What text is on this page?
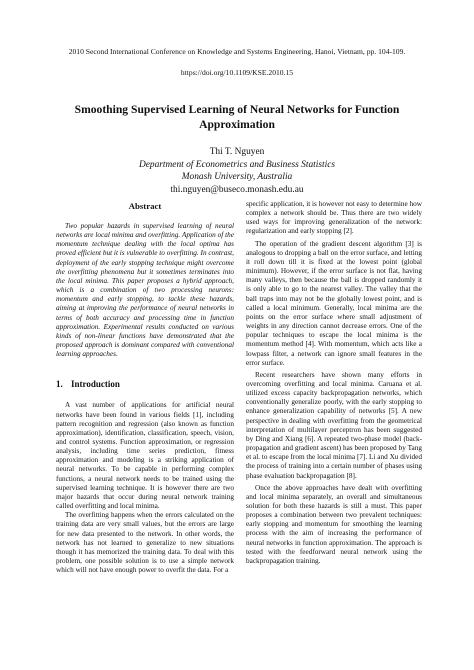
2010 Second International Conference on Knowledge and Systems Engineering, Hanoi, Vietnam, pp. 104-109.
https://doi.org/10.1109/KSE.2010.15
Smoothing Supervised Learning of Neural Networks for Function
Approximation
Thi T. Nguyen
Department of Econometrics and Business Statistics
Monash University, Australia
thi.nguyen@buseco.monash.edu.au
Abstract

Two popular hazards in supervised learning of neural networks are local minima and overfitting. Application of the momentum technique dealing with the local optima has proved efficient but it is vulnerable to overfitting. In contrast, deployment of the early stopping technique might overcome the overfitting phenomena but it sometimes terminates into the local minima. This paper proposes a hybrid approach, which is a combination of two processing neurons: momentum and early stopping, to tackle these hazards, aiming at improving the performance of neural networks in terms of both accuracy and processing time in function approximation. Experimental results conducted on various kinds of non-linear functions have demonstrated that the proposed approach is dominant compared with conventional learning approaches.

1. Introduction

A vast number of applications for artificial neural networks have been found in various fields [1], including pattern recognition and regression (also known as function approximation), identification, classification, speech, vision, and control systems. Function approximation, or regression analysis, including time series prediction, fitness approximation and modeling is a striking application of neural networks. To be capable in performing complex functions, a neural network needs to be trained using the supervised learning technique. It is however there are two major hazards that occur during neural network training called overfitting and local minima.

The overfitting happens when the errors calculated on the training data are very small values, but the errors are large for new data presented to the network. In other words, the network has not learned to generalize to new situations though it has memorized the training data. To deal with this problem, one possible solution is to use a simple network which will not have enough power to overfit the data. For a

specific application, it is however not easy to determine how complex a network should be. Thus there are two widely used ways for improving generalization of the network: regularization and early stopping [2].

The operation of the gradient descent algorithm [3] is analogous to dropping a ball on the error surface, and letting it roll down till it is fixed at the lowest point (global minimum). However, if the error surface is not flat, having many valleys, then because the ball is dropped randomly it is only able to go to the nearest valley. The valley that the ball traps into may not be the globally lowest point, and is called a local minimum. Generally, local minima are the points on the error surface where small adjustment of weights in any direction cannot decrease errors. One of the popular techniques to escape the local minima is the momentum method [4]. With momentum, which acts like a lowpass filter, a network can ignore small features in the error surface.

Recent researchers have shown many efforts in overcoming overfitting and local minima. Caruana et al. utilized excess capacity backpropagation networks, which conventionally generalize poorly, with the early stopping to enhance generalization capability of networks [5]. A new perspective in dealing with overfitting from the geometrical interpretation of multilayer perceptron has been suggested by Ding and Xiang [6]. A repeated two-phase model (back-propagation and gradient ascent) has been proposed by Tang et al. to escape from the local minima [7]. Li and Xu divided the process of training into a certain number of phases using phase evaluation backpropagation [8].

Once the above approaches have dealt with overfitting and local minima separately, an overall and simultaneous solution for both these hazards is still a must. This paper proposes a combination between two prevalent techniques: early stopping and momentum for smoothing the learning process with the aim of increasing the performance of neural networks in function approximation. The approach is tested with the feedforward neural network using the backpropagation training.
